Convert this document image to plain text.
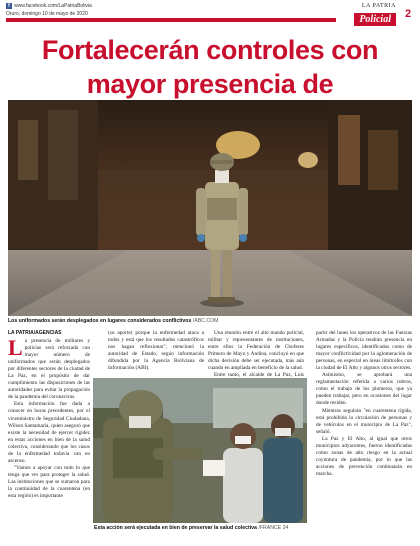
f www.facebook.com/LaPatriaBolivia
Oruro, domingo 10 de mayo de 2020
LA PATRIA
Policial	2
Fortalecerán controles con mayor presencia de
Los uniformados serán desplegados en lugares considerados conflictivos /ABC.COM
LA PATRIA/AGENCIAS

La presencia de militares y policías será reforzada con mayor número de uniformados que serán desplegados por diferentes sectores de la ciudad de La Paz, en el propósito de dar cumplimiento las disposiciones de las autoridades para evitar la propagación de la pandemia del coronavirus.

Esta información fue dada a conocer en horas precedentes, por el viceministro de Seguridad Ciudadana, Wilson Santamaría, quien aseguró que existe la necesidad de ejercer rigidez en estas acciones en bien de la salud colectiva, considerando que los casos de la enfermedad todavía van en ascenso.

"Vamos a apoyar con todo lo que tenga que ver para proteger la salud. Las instituciones que se sumaron para la continuidad de la cuarentena (en esta región) es importante

(su aporte) porque la enfermedad ataca a todos y está que los resultados catastróficos nos hagan reflexionar", mencionó la autoridad de Estado, según información difundida por la Agencia Boliviana de Información (ABI).

Una reunión entre el alto mando policial, militar y representantes de instituciones, entre ellos la Federación de Choferes Primero de Mayo y Andina, concluyó en que dicha decisión debe ser ejecutada, más aún cuando en ampliada en beneficio de la salud.

Entre tanto, el alcalde de La Paz, Luis

partir del lunes los operativos de las Fuerzas Armadas y la Policía tendrán presencia en lugares específicos, identificados como de mayor conflictividad por la aglomeración de personas, en especial en áreas limítrofes con la ciudad de El Alto y algunos otros sectores.

Asimismo, se aprobará una reglamentación referida a varios rubros, como el trabajo de los plomeros, que ya pueden trabajar, pero en ocasiones del lugar donde residen.

Mientras seguirán "en cuarentena rígida, está prohibida la circulación de personas y de vehículos en el municipio de La Paz", señaló.

La Paz y El Alto, al igual que otros municipios adyacentes, fueron identificadas como zonas de alto riesgo en la actual coyuntura de pandemia, por lo que las acciones de prevención continuarán en marcha.

Esta acción será ejecutada en bien de preservar la salud colectiva /FRANCE 24
